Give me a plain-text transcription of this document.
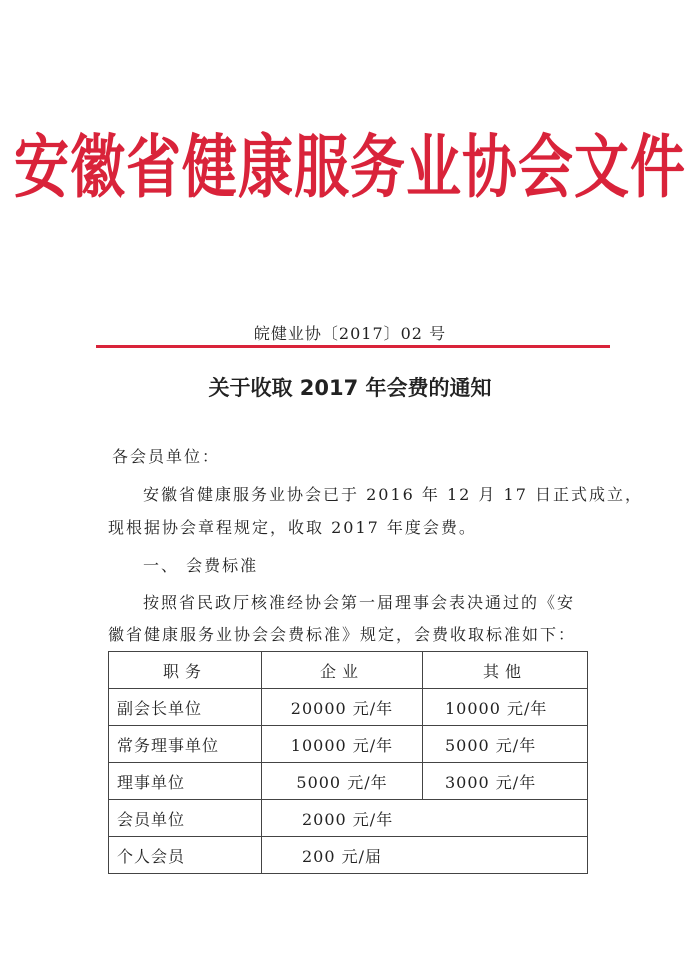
安徽省健康服务业协会文件
皖健业协〔2017〕02 号
关于收取 2017 年会费的通知
各会员单位：
安徽省健康服务业协会已于 2016 年 12 月 17 日正式成立，
现根据协会章程规定，收取 2017 年度会费。
一、 会费标准
按照省民政厅核准经协会第一届理事会表决通过的《安
徽省健康服务业协会会费标准》规定，会费收取标准如下：
职务	企业	其他
副会长单位	20000 元/年	10000 元/年
常务理事单位	10000 元/年	5000 元/年
理事单位	5000 元/年	3000 元/年
会员单位	2000 元/年	
个人会员	200 元/届	
